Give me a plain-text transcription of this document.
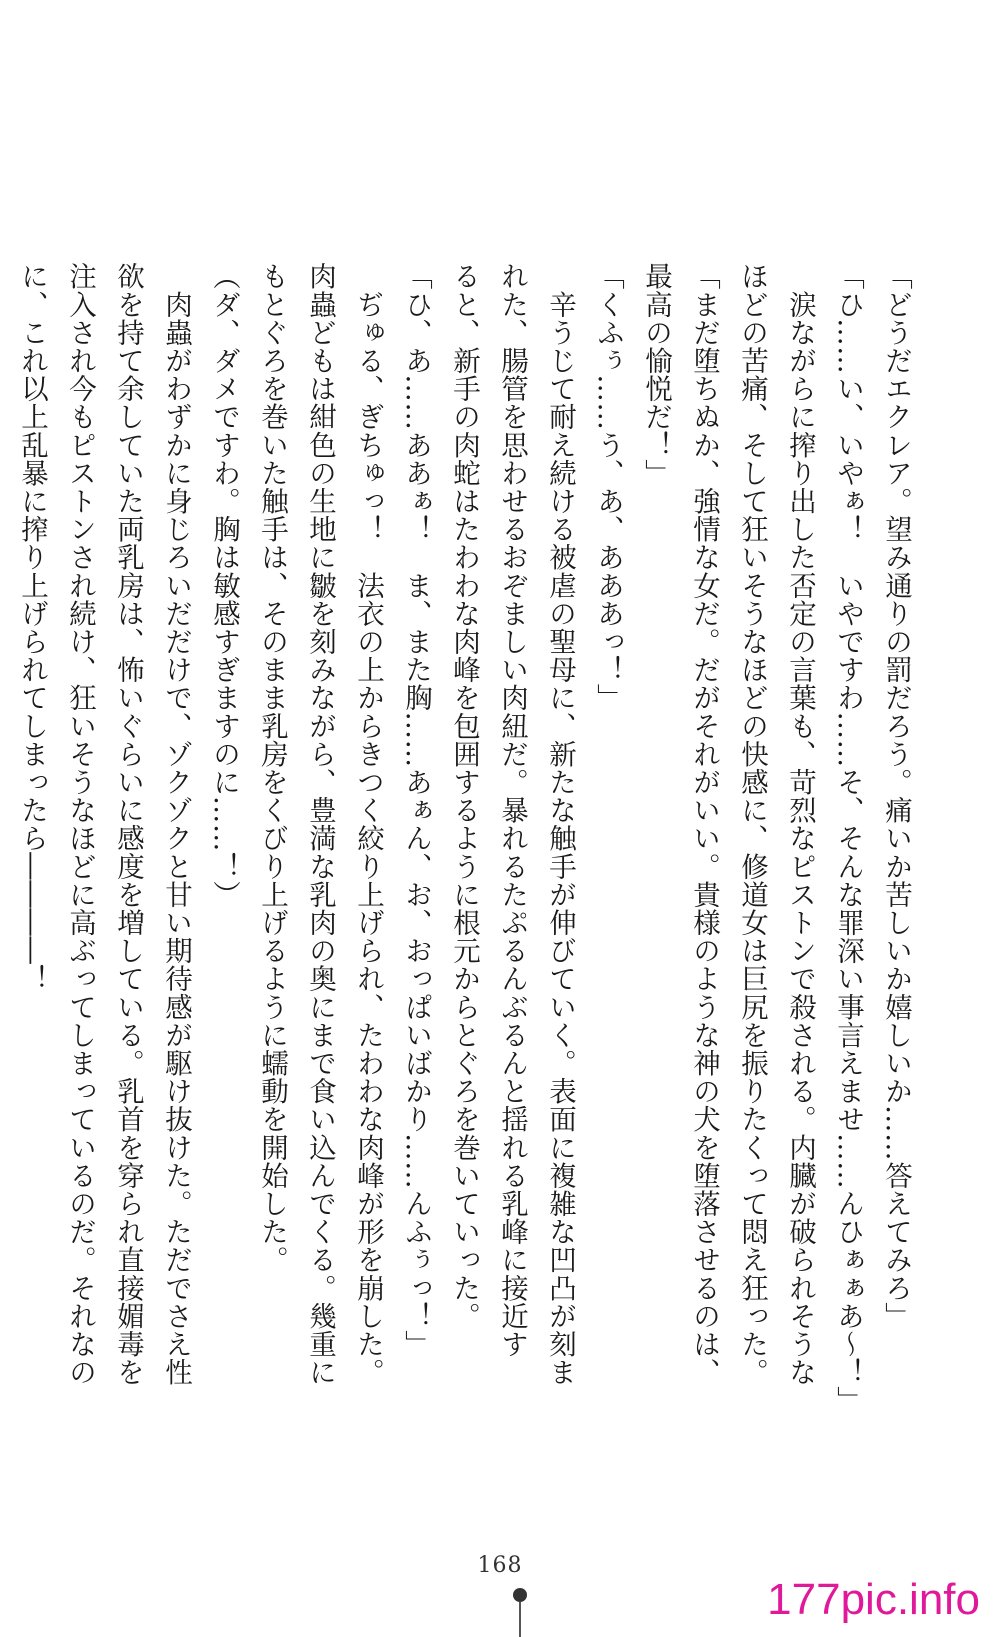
「どうだエクレア。望み通りの罰だろう。痛いか苦しいか嬉しいか……答えてみろ」

「ひ……い、いやぁ！　いやですわ……そ、そんな罪深い事言えませ……んひぁぁあ～！」

　涙ながらに搾り出した否定の言葉も、苛烈なピストンで殺される。内臓が破られそうな

ほどの苦痛、そして狂いそうなほどの快感に、修道女は巨尻を振りたくって悶え狂った。

「まだ堕ちぬか、強情な女だ。だがそれがいい。貴様のような神の犬を堕落させるのは、

最高の愉悦だ！」

「くふぅ……う、あ、あああっ！」

　辛うじて耐え続ける被虐の聖母に、新たな触手が伸びていく。表面に複雑な凹凸が刻ま

れた、腸管を思わせるおぞましい肉紐だ。暴れるたぷるんぶるんと揺れる乳峰に接近す

ると、新手の肉蛇はたわわな肉峰を包囲するように根元からとぐろを巻いていった。

「ひ、あ……ああぁ！　ま、また胸……あぁん、お、おっぱいばかり……んふぅっ！」

　ぢゅる、ぎちゅっ！　法衣の上からきつく絞り上げられ、たわわな肉峰が形を崩した。

肉蟲どもは紺色の生地に皺を刻みながら、豊満な乳肉の奥にまで食い込んでくる。幾重に

もとぐろを巻いた触手は、そのまま乳房をくびり上げるように蠕動を開始した。

（ダ、ダメですわ。胸は敏感すぎますのに……！）

　肉蟲がわずかに身じろいだだけで、ゾクゾクと甘い期待感が駆け抜けた。ただでさえ性

欲を持て余していた両乳房は、怖いぐらいに感度を増している。乳首を穿られ直接媚毒を

注入され今もピストンされ続け、狂いそうなほどに高ぶってしまっているのだ。それなの

に、これ以上乱暴に搾り上げられてしまったら――――！

168
177pic.info
